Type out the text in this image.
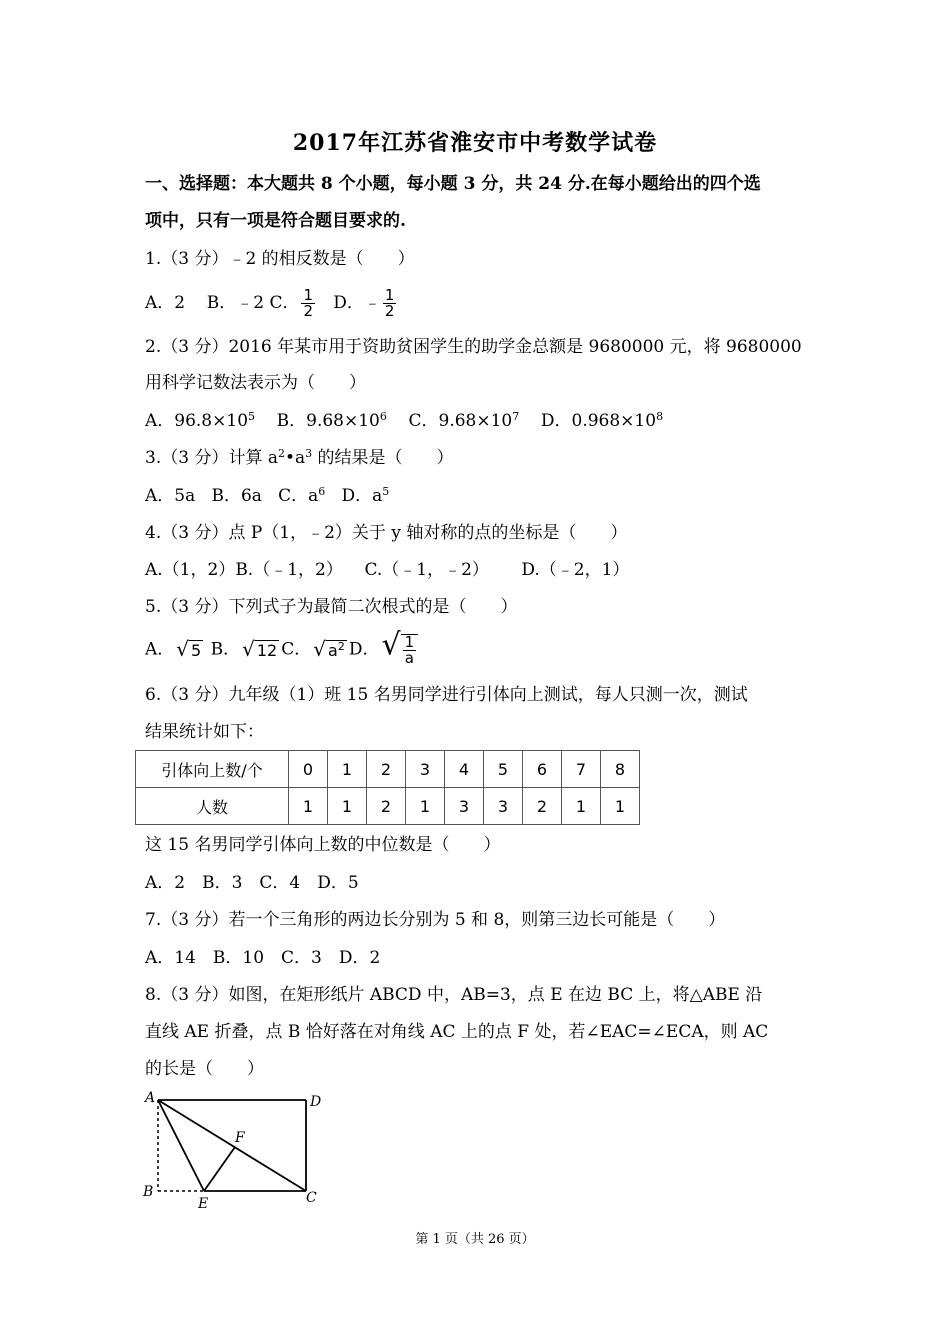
2017年江苏省淮安市中考数学试卷
一、选择题：本大题共 8 个小题，每小题 3 分，共 24 分.在每小题给出的四个选
项中，只有一项是符合题目要求的.
1.（3 分）﹣2 的相反数是（　　）
A．2 B．﹣2 C． $\frac{1}{2}$ D．﹣ $\frac{1}{2}$
2.（3 分）2016 年某市用于资助贫困学生的助学金总额是 9680000 元，将 9680000
用科学记数法表示为（　　）
A．$96.8\times 10^5$ B．$9.68\times 10^6$ C．$9.68\times 10^7$ D．$0.968\times 10^8$
3.（3 分）计算 $a^2•a^3$ 的结果是（　　）
A．5a B．6a C．$a^6$ D．$a^5$
4.（3 分）点 P（1，﹣2）关于 y 轴对称的点的坐标是（　　）
A.（1，2）B.（﹣1，2） C.（﹣1，﹣2） D.（﹣2，1）
5.（3 分）下列式子为最简二次根式的是（　　）
A． √ 5 B． √ 12 C． √ $a^2$ D．√ $\frac{1}{a}$
6.（3 分）九年级（1）班 15 名男同学进行引体向上测试，每人只测一次，测试
结果统计如下：
引体向上数/个	0	1	2	3	4	5	6	7	8
人数	1	1	2	1	3	3	2	1	1
这 15 名男同学引体向上数的中位数是（　　）
A．2　B．3　C．4　D．5
7.（3 分）若一个三角形的两边长分别为 5 和 8，则第三边长可能是（　　）
A．14　B．10　C．3　D．2
8.（3 分）如图，在矩形纸片 ABCD 中，AB=3，点 E 在边 BC 上，将△ABE 沿
直线 AE 折叠，点 B 恰好落在对角线 AC 上的点 F 处，若∠EAC=∠ECA，则 AC
的长是（　　）
A	D
B
E	C
F
第 1 页（共 26 页）
